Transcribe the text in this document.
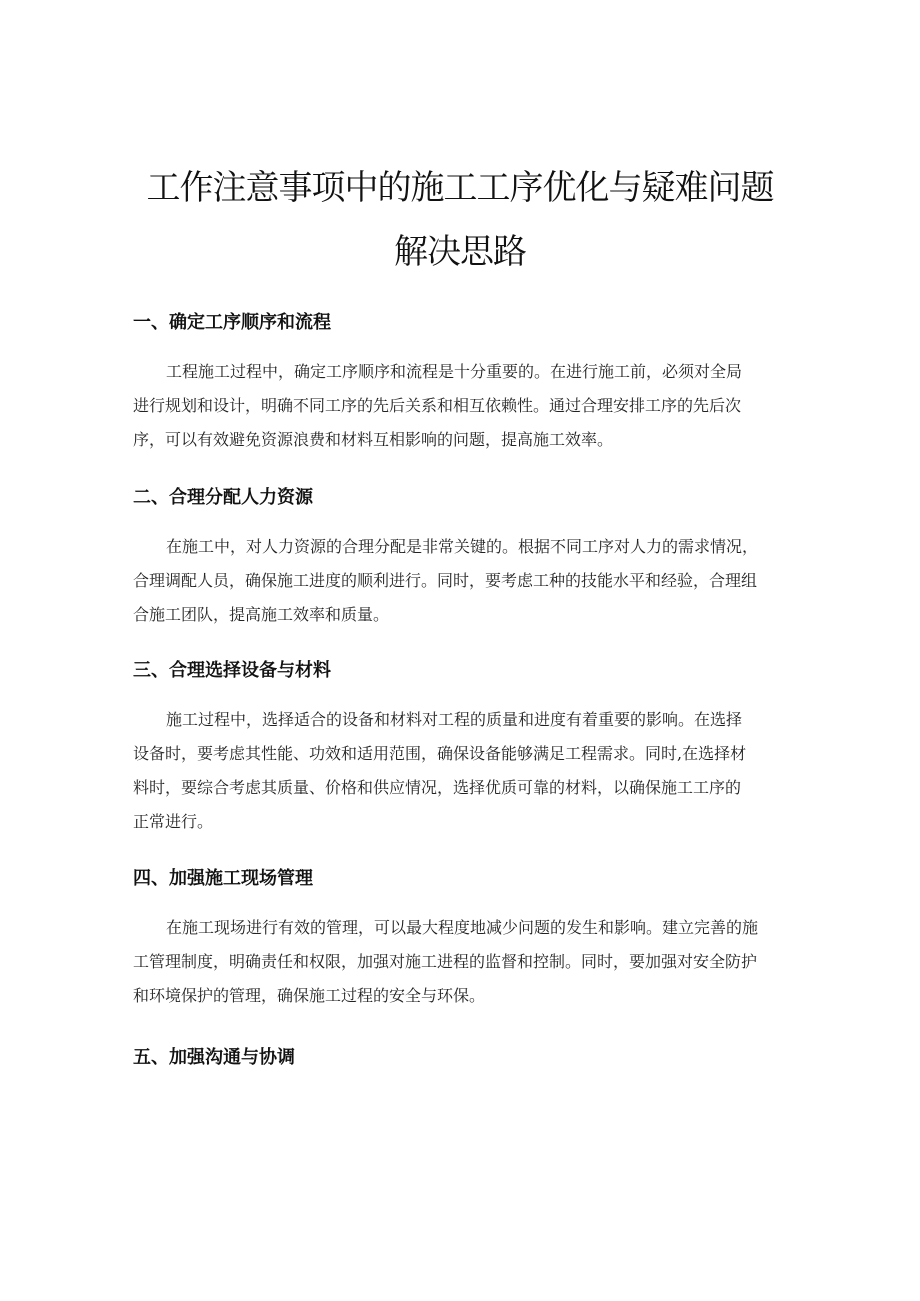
工作注意事项中的施工工序优化与疑难问题
解决思路
一、确定工序顺序和流程
工程施工过程中，确定工序顺序和流程是十分重要的。在进行施工前，必须对全局
进行规划和设计，明确不同工序的先后关系和相互依赖性。通过合理安排工序的先后次
序，可以有效避免资源浪费和材料互相影响的问题，提高施工效率。
二、合理分配人力资源
在施工中，对人力资源的合理分配是非常关键的。根据不同工序对人力的需求情况，
合理调配人员，确保施工进度的顺利进行。同时，要考虑工种的技能水平和经验，合理组
合施工团队，提高施工效率和质量。
三、合理选择设备与材料
施工过程中，选择适合的设备和材料对工程的质量和进度有着重要的影响。在选择
设备时，要考虑其性能、功效和适用范围，确保设备能够满足工程需求。同时,在选择材
料时，要综合考虑其质量、价格和供应情况，选择优质可靠的材料，以确保施工工序的
正常进行。
四、加强施工现场管理
在施工现场进行有效的管理，可以最大程度地减少问题的发生和影响。建立完善的施
工管理制度，明确责任和权限，加强对施工进程的监督和控制。同时，要加强对安全防护
和环境保护的管理，确保施工过程的安全与环保。
五、加强沟通与协调
